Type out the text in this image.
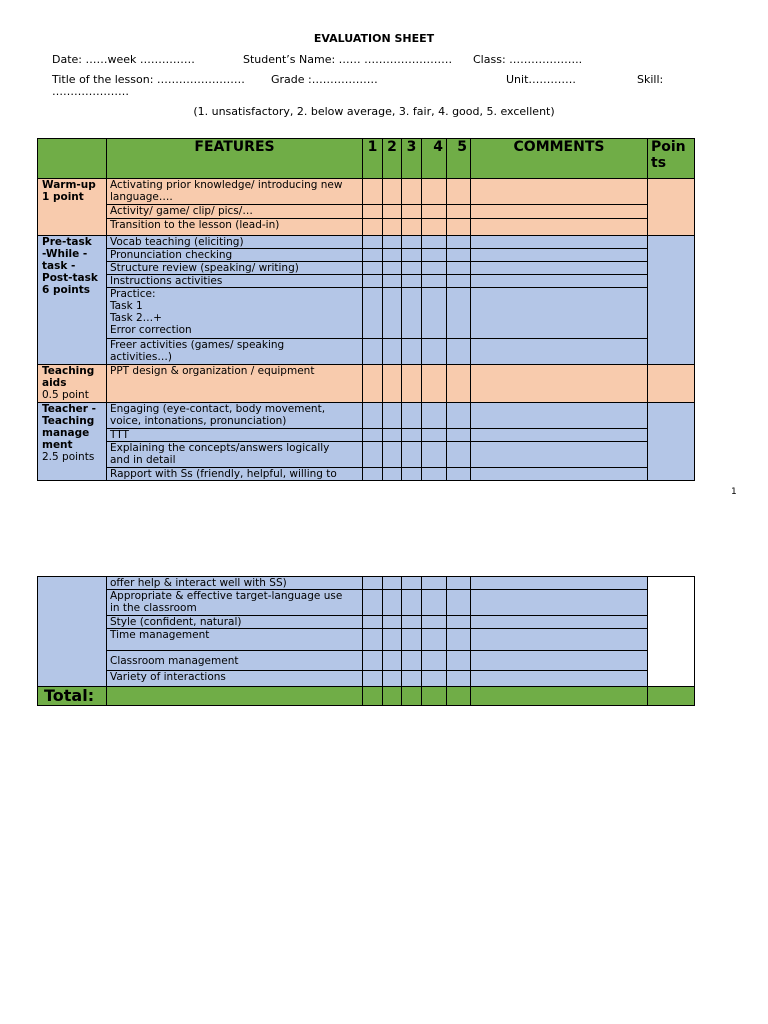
EVALUATION SHEET
Date: ……week ……………	Student’s Name: …… …………………… Class: ………………..
Title of the lesson: …………………… Grade :………………	Unit………….	Skill:
…………………
(1. unsatisfactory, 2. below average, 3. fair, 4. good, 5. excellent)
	FEATURES	1	2	3	4	5	COMMENTS	Poin
ts
Warm-up
1 point	Activating prior knowledge/ introducing new
language….							
	Activity/ game/ clip/ pics/…							
	Transition to the lesson (lead-in)							
Pre-task
-While -
task -
Post-task
6 points	Vocab teaching (eliciting)							
	Pronunciation checking							
	Structure review (speaking/ writing)							
	Instructions activities							
	Practice:
Task 1
Task 2…+
Error correction							
	Freer activities (games/ speaking
activities…)							
Teaching
aids
0.5 point	PPT design & organization / equipment							
Teacher -
Teaching
manage
ment
2.5 points	Engaging (eye-contact, body movement,
voice, intonations, pronunciation)							
	TTT							
	Explaining the concepts/answers logically
and in detail							
	Rapport with Ss (friendly, helpful, willing to							
1
	offer help & interact well with SS)							
	Appropriate & effective target-language use
in the classroom							
	Style (confident, natural)							
	Time management							
	Classroom management							
	Variety of interactions							
Total:								
